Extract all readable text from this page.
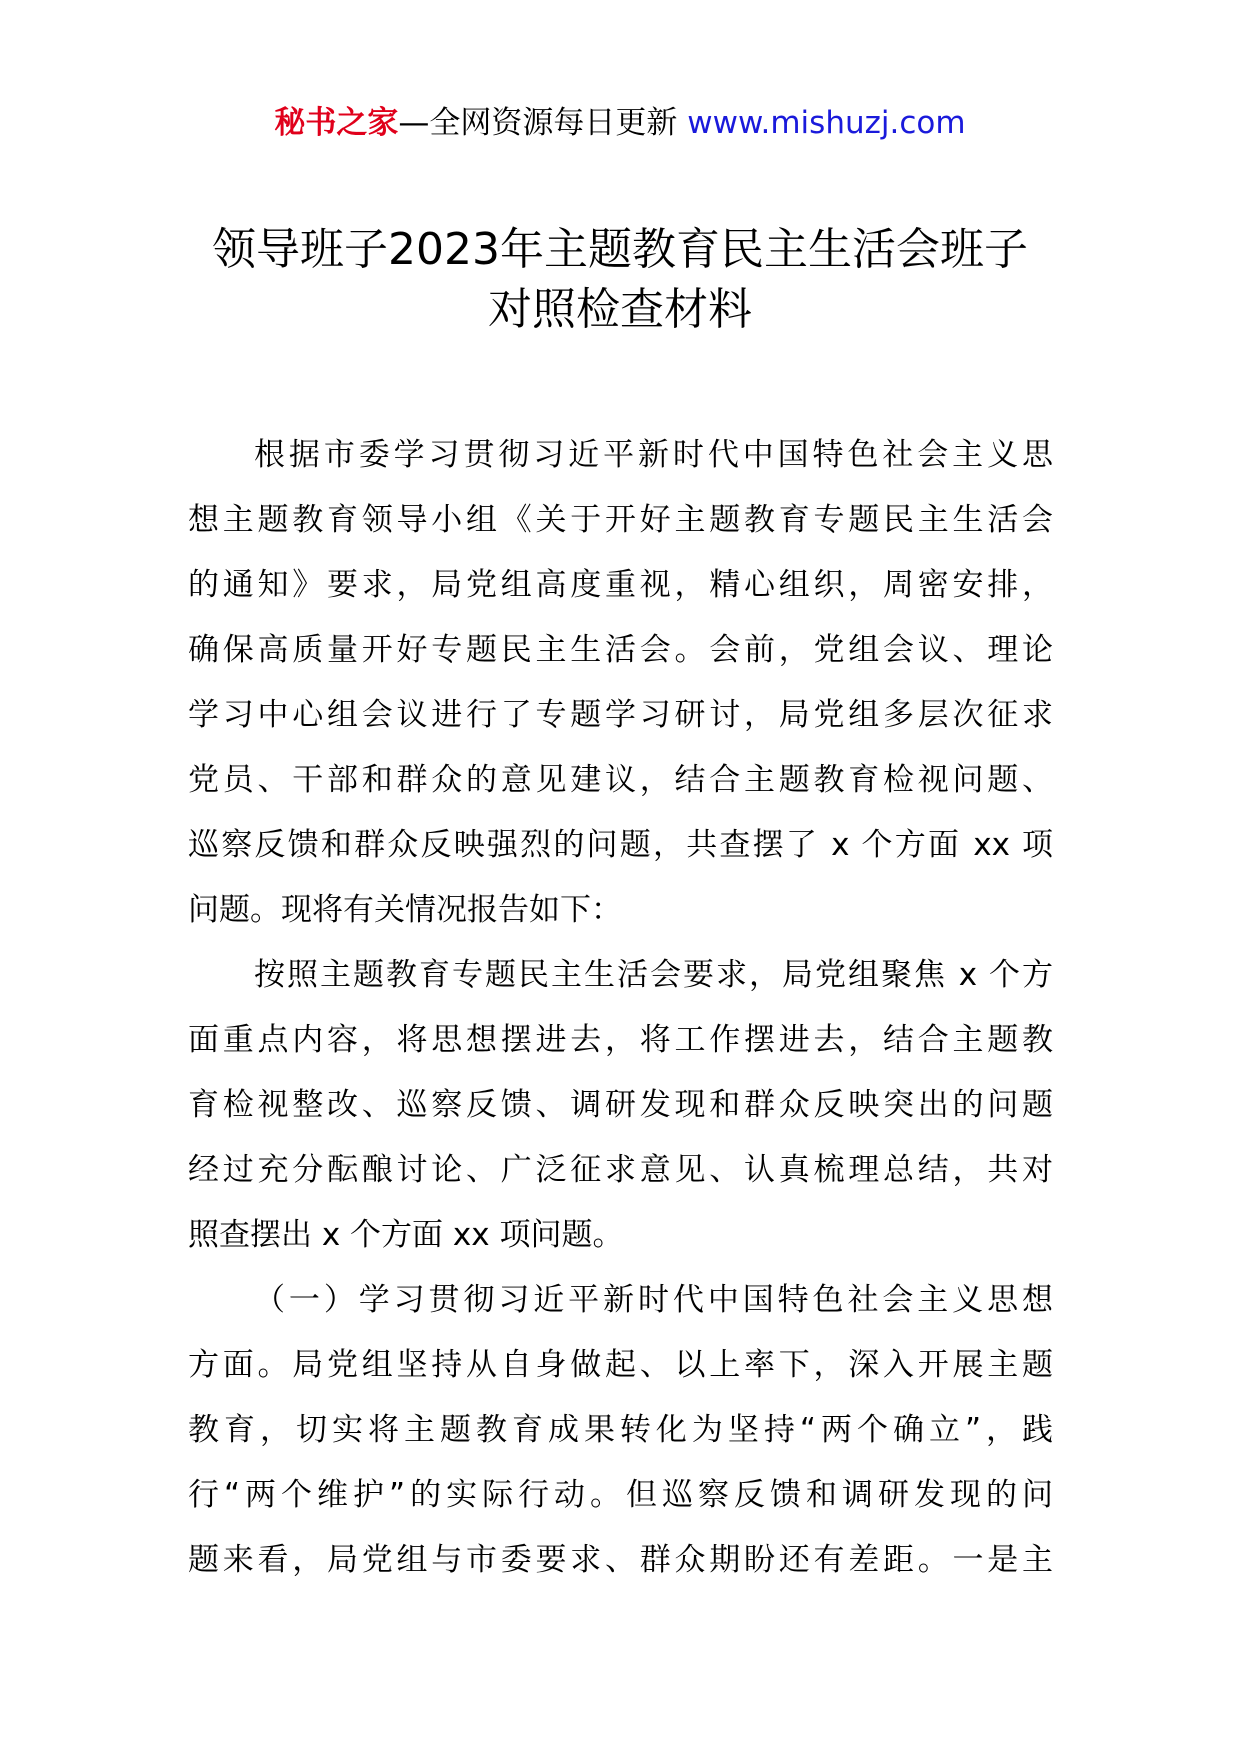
秘书之家—全网资源每日更新 www.mishuzj.com
领导班子2023年主题教育民主生活会班子
对照检查材料
根据市委学习贯彻习近平新时代中国特色社会主义思
想主题教育领导小组《关于开好主题教育专题民主生活会
的通知》要求，局党组高度重视，精心组织，周密安排，
确保高质量开好专题民主生活会。会前，党组会议、理论
学习中心组会议进行了专题学习研讨，局党组多层次征求
党员、干部和群众的意见建议，结合主题教育检视问题、
巡察反馈和群众反映强烈的问题，共查摆了 x 个方面 xx 项
问题。现将有关情况报告如下：
按照主题教育专题民主生活会要求，局党组聚焦 x 个方
面重点内容，将思想摆进去，将工作摆进去，结合主题教
育检视整改、巡察反馈、调研发现和群众反映突出的问题
经过充分酝酿讨论、广泛征求意见、认真梳理总结，共对
照查摆出 x 个方面 xx 项问题。
（一）学习贯彻习近平新时代中国特色社会主义思想
方面。局党组坚持从自身做起、以上率下，深入开展主题
教育，切实将主题教育成果转化为坚持“两个确立”，践
行“两个维护”的实际行动。但巡察反馈和调研发现的问
题来看，局党组与市委要求、群众期盼还有差距。一是主
